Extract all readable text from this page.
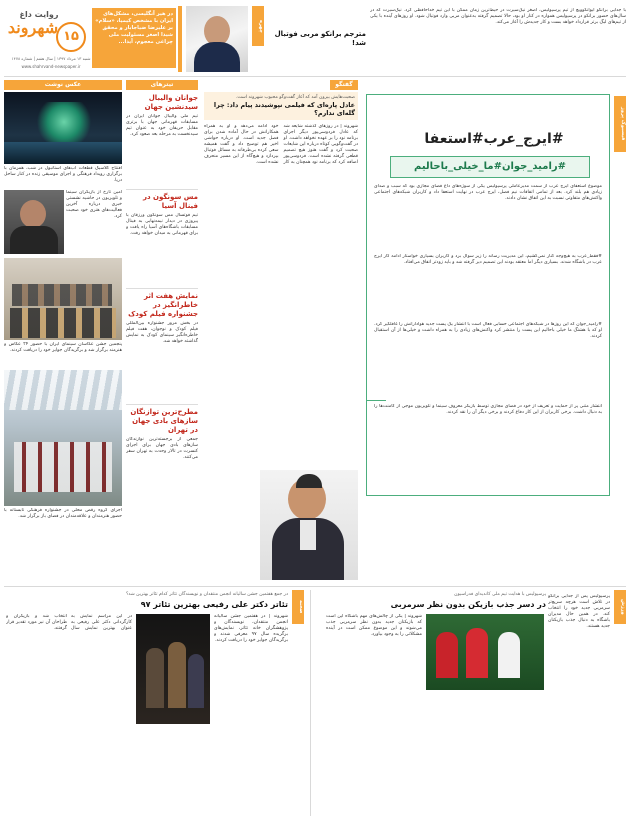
۱۵
روایت داغ
شهروند
شنبه ۱۳ مرداد ۱۳۹۷ | سال هفتم | شماره ۱۴۷۸
www.shahrvand-newspaper.ir
در هیر آنگلیسی، مشکل‌های ایران با مشخص کیمیا، «سلام» بر علیرضا ضیاجابار و محقق شیدا اصغر مسئولیت ملی چراغی معجوم، آیدا...
چهره
مترجم برانکو مربی فوتبال شد!
با جدایی برانکو ایوانکوویچ از تیم پرسپولیس، اصغر نیک‌سیرت در حیط‌ترین زمان ممکن با این تیم خداحافظی کرد. نیک‌سیرت که در سال‌های حضور برانکو در پرسپولیس همواره در کنار او بود، حالا تصمیم گرفته به‌عنوان مربی وارد فوتبال شود. او روزهای آینده با یکی از تیم‌های لیگ برتر قرارداد خواهد بست و کار جدیدش را آغاز می‌کند.
عکس نوشت
افتتاح کلاسیک قطعات آب‌های استانبول در شب، همزمان با برگزاری رویداد فرهنگی و اجرای موسیقی زنده در کنار ساحل دریا.
امین تارخ از بازیگران سینما و تلویزیون در حاشیه نشستی خبری درباره آخرین فعالیت‌های هنری خود صحبت کرد.
پنجمین جشن عکاسان سینمای ایران با حضور ۲۴ عکاس و هنرمند برگزار شد و برگزیدگان جوایز خود را دریافت کردند.
اجرای گروه رقص محلی در جشنواره فرهنگی تابستانه با حضور هنرمندان و علاقه‌مندان در فضای باز برگزار شد.
تیترهای
جوانان والیبال سیدنشین جهان
تیم ملی والیبال جوانان ایران در مسابقات قهرمانی جهان با برتری مقابل حریفان خود به عنوان تیم سیدنخست به مرحله بعد صعود کرد.
مس سونگون در فینال آسیا
تیم فوتسال مس سونگون ورزقان با پیروزی در دیدار نیمه‌نهایی به فینال مسابقات باشگاه‌های آسیا راه یافت و برای قهرمانی به میدان خواهد رفت.
نمایش هفت اثر خاطرانگیز در جشنواره فیلم کودک
در بخش مرور جشنواره بین‌المللی فیلم کودک و نوجوان، هفت فیلم خاطره‌انگیز سینمای کودک به نمایش گذاشته خواهد شد.
مطرح‌ترین توازنگان سازهای بادی جهان در تهران
جمعی از برجسته‌ترین نوازندگان سازهای بادی جهان برای اجرای کنسرت در تالار وحدت به تهران سفر می‌کنند.
گفتگو
صحبت‌هایش بیرون آمد که آغاز گفت‌وگو محبوب شهروند است.
عادل پاره‌ای که فیلمی نپوشیدند پیام داد: چرا گله‌ای ندارم؟
شهروند | در روزهای گذشته شایعه شد که عادل فردوسی‌پور دیگر اجرای برنامه نود را بر عهده نخواهد داشت. او در گفت‌وگویی کوتاه درباره این شایعات صحبت کرد و گفت هنوز هیچ تصمیم قطعی گرفته نشده است. فردوسی‌پور اضافه کرد که برنامه نود همچنان به کار خود ادامه می‌دهد و او به همراه همکارانش در حال آماده شدن برای فصل جدید است. او درباره حواشی اخیر هم توضیح داد و گفت همیشه سعی کرده بی‌طرفانه به مسائل فوتبال بپردازد و هیچ‌گاه از این مسیر منحرف نشده است.
فیسبوک پروز
#ایرج_عرب#استعفا
#رامید_جوان#ما_خیلی_باحالیم
موضوع استعفای ایرج عرب از سمت مدیرعاملی پرسپولیس یکی از سوژه‌های داغ فضای مجازی بود که سبب و صدای زیادی هم بلند کرد. بعد از تمامی اتفاقات نیم فصل، ایرج عرب در نهایت استعفا داد و کاربران شبکه‌های اجتماعی واکنش‌های متفاوتی نسبت به این اتفاق نشان دادند.
#فقط_عرب به هیچ‌وجه کنار نمی‌کشیم، این مدیریت رسانه را زیر سوال برد و کاربران بسیاری خواستار ادامه کار ایرج عرب در باشگاه شدند. بسیاری دیگر اما معتقد بودند این تصمیم دیر گرفته شد و باید زودتر اتفاق می‌افتاد.
#رامید_جوان که این روزها در شبکه‌های اجتماعی حسابی فعال است با انتشار یک پست جدید هوادارانش را غافلگیر کرد. او که با هشتگ ما خیلی باحالیم این پست را منتشر کرد واکنش‌های زیادی را به همراه داشت و خیلی‌ها از آن استقبال کردند.
انتشار متنی پر از حمایت و تعریف از خود در فضای مجازی توسط بازیگر معروف سینما و تلویزیون موجی از کامنت‌ها را به دنبال داشت. برخی کاربران از این کار دفاع کردند و برخی دیگر آن را نقد کردند.
صحنه
در جمع هفتمین جشن سالیانه انجمن منتقدان و نویسندگان تئاتر کدام تئاتر بهترین شد؟
تئاتر دکتر علی رفیعی بهترین تئاتر ۹۷
شهروند | در هفتمین جشن سالیانه انجمن منتقدان، نویسندگان و پژوهشگران خانه تئاتر، نمایش‌های برگزیده سال ۹۷ معرفی شدند و برگزیدگان جوایز خود را دریافت کردند.
در این مراسم نمایش به کارگردانی دکتر علی رفیعی به عنوان بهترین نمایش سال انتخاب شد و بازیگران و طراحان آن نیز مورد تقدیر قرار گرفتند.
ورزش
پرسپولیس با هدایت تیم ملی کاندیدای فدراسیون
در دسر جذب بازیکن بدون نظر سرمربی
پرسپولیس پس از جدایی برانکو در تلاش است هرچه سریع‌تر سرمربی جدید خود را انتخاب کند. در همین حال مدیران باشگاه به دنبال جذب بازیکنان جدید هستند.
شهروند | یکی از چالش‌های مهم باشگاه این است که بازیکنان جدید بدون نظر سرمربی جذب می‌شوند و این موضوع ممکن است در آینده مشکلاتی را به وجود بیاورد.
